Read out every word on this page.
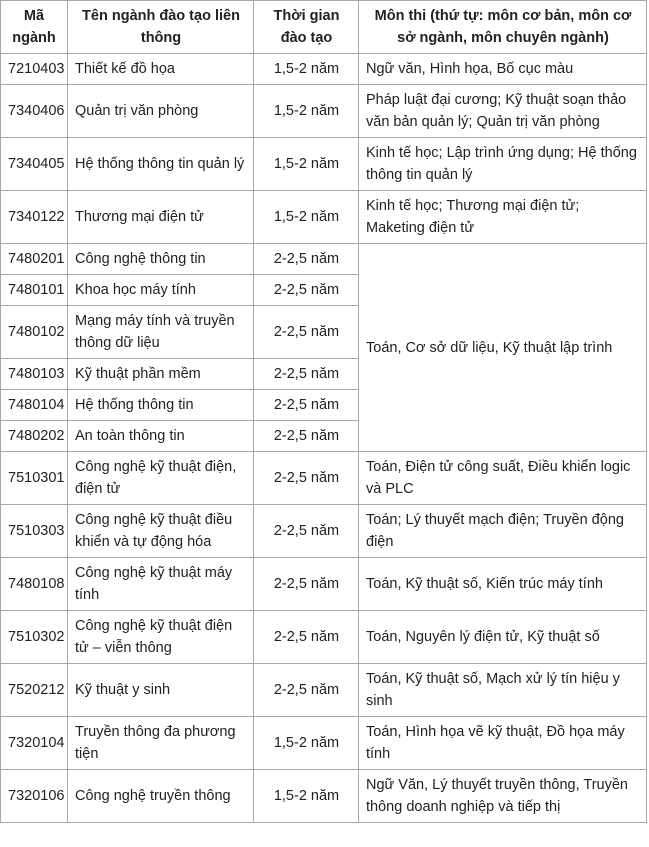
Mã ngành	Tên ngành đào tạo liên thông	Thời gian đào tạo	Môn thi (thứ tự: môn cơ bản, môn cơ sở ngành, môn chuyên ngành)
7210403	Thiết kế đồ họa	1,5-2 năm	Ngữ văn, Hình họa, Bố cục màu
7340406	Quản trị văn phòng	1,5-2 năm	Pháp luật đại cương; Kỹ thuật soạn thảo văn bản quản lý; Quản trị văn phòng
7340405	Hệ thống thông tin quản lý	1,5-2 năm	Kinh tế học; Lập trình ứng dụng; Hệ thống thông tin quản lý
7340122	Thương mại điện tử	1,5-2 năm	Kinh tế học; Thương mại điện tử; Maketing điện tử
7480201	Công nghệ thông tin	2-2,5 năm	Toán, Cơ sở dữ liệu, Kỹ thuật lập trình
7480101	Khoa học máy tính	2-2,5 năm	
7480102	Mạng máy tính và truyền thông dữ liệu	2-2,5 năm	
7480103	Kỹ thuật phần mềm	2-2,5 năm	
7480104	Hệ thống thông tin	2-2,5 năm	
7480202	An toàn thông tin	2-2,5 năm	
7510301	Công nghệ kỹ thuật điện, điện tử	2-2,5 năm	Toán, Điện tử công suất, Điều khiển logic và PLC
7510303	Công nghệ kỹ thuật điều khiển và tự động hóa	2-2,5 năm	Toán; Lý thuyết mạch điện; Truyền động điện
7480108	Công nghệ kỹ thuật máy tính	2-2,5 năm	Toán, Kỹ thuật số, Kiến trúc máy tính
7510302	Công nghệ kỹ thuật điện tử – viễn thông	2-2,5 năm	Toán, Nguyên lý điện tử, Kỹ thuật số
7520212	Kỹ thuật y sinh	2-2,5 năm	Toán, Kỹ thuật số, Mạch xử lý tín hiệu y sinh
7320104	Truyền thông đa phương tiện	1,5-2 năm	Toán, Hình họa vẽ kỹ thuật, Đồ họa máy tính
7320106	Công nghệ truyền thông	1,5-2 năm	Ngữ Văn, Lý thuyết truyền thông, Truyền thông doanh nghiệp và tiếp thị
